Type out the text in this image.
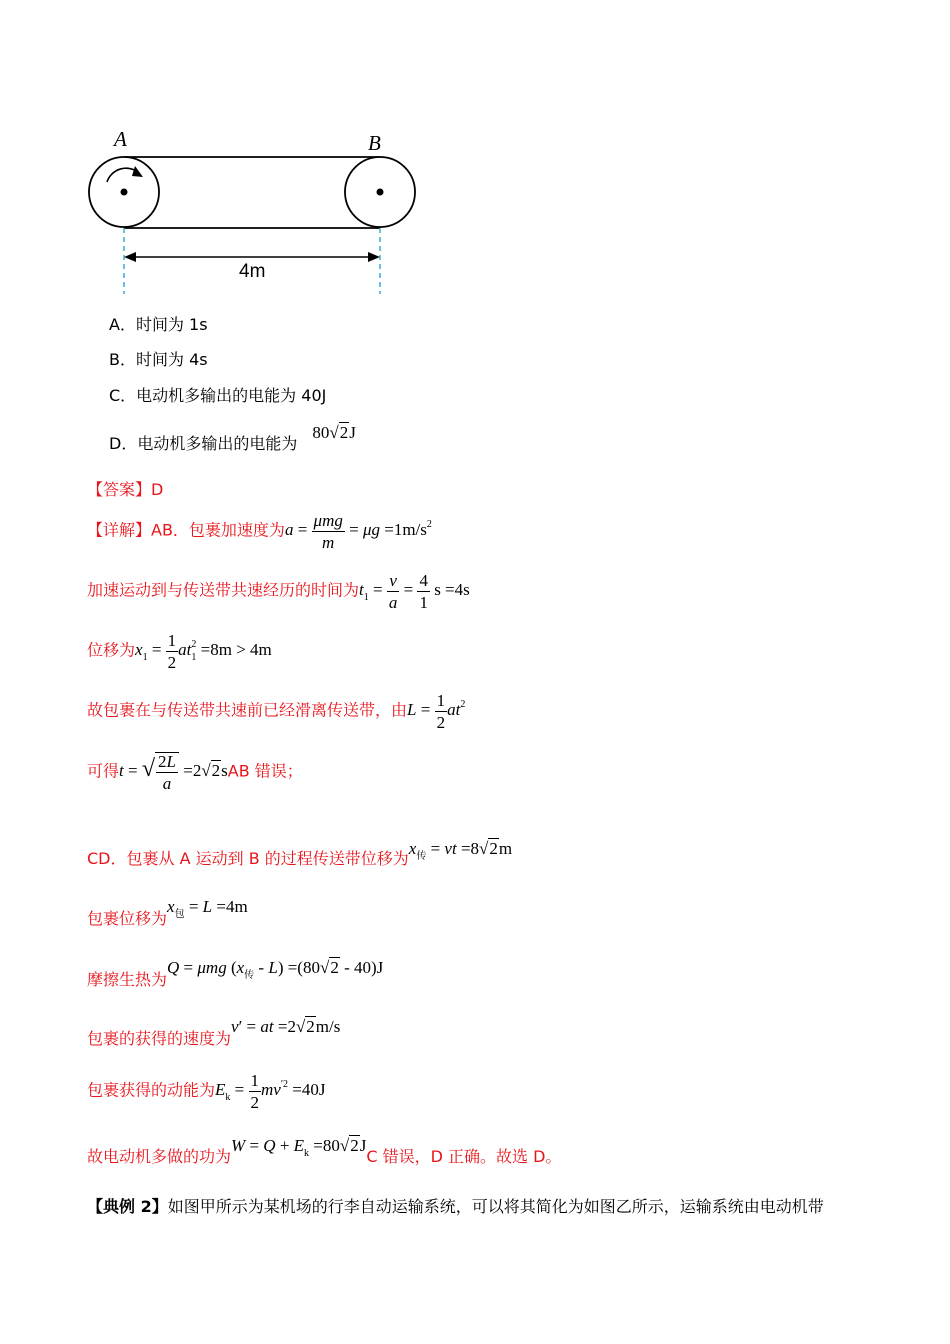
A	B
4m
A．时间为 1s
B．时间为 4s
C．电动机多输出的电能为 40J
D．电动机多输出的电能为 80√2J
【答案】D
【详解】AB．包裹加速度为$a = \frac{\text{μmg}}{m} = \mu g =1m/s^2$
加速运动到与传送带共速经历的时间为$t_1 = \frac{v}{a} = \frac{4}{1}$ s =4s
位移为$x_1 = \frac{1}{2} at_1^2 =8m > 4m$
故包裹在与传送带共速前已经滑离传送带，由$L = \frac{1}{2} at^2$
可得t = √ $\frac{2L}{a} =2√2sAB$ 错误；
CD．包裹从 A 运动到 B 的过程传送带位移为$x_传$ = vt =8√2m
包裹位移为$x_包 = L =4m$
摩擦生热为Q = μmg $(x_传 - L) =(80√2 - 40)J$
包裹的获得的速度为v′ = at =2√2m/s
包裹获得的动能为$E_k = \frac{1}{2} mv^{'2} =40J$
故电动机多做的功为$W = Q + E_k =80√2JC$ 错误，D 正确。故选 D。
【典例 2】如图甲所示为某机场的行李自动运输系统，可以将其简化为如图乙所示，运输系统由电动机带
